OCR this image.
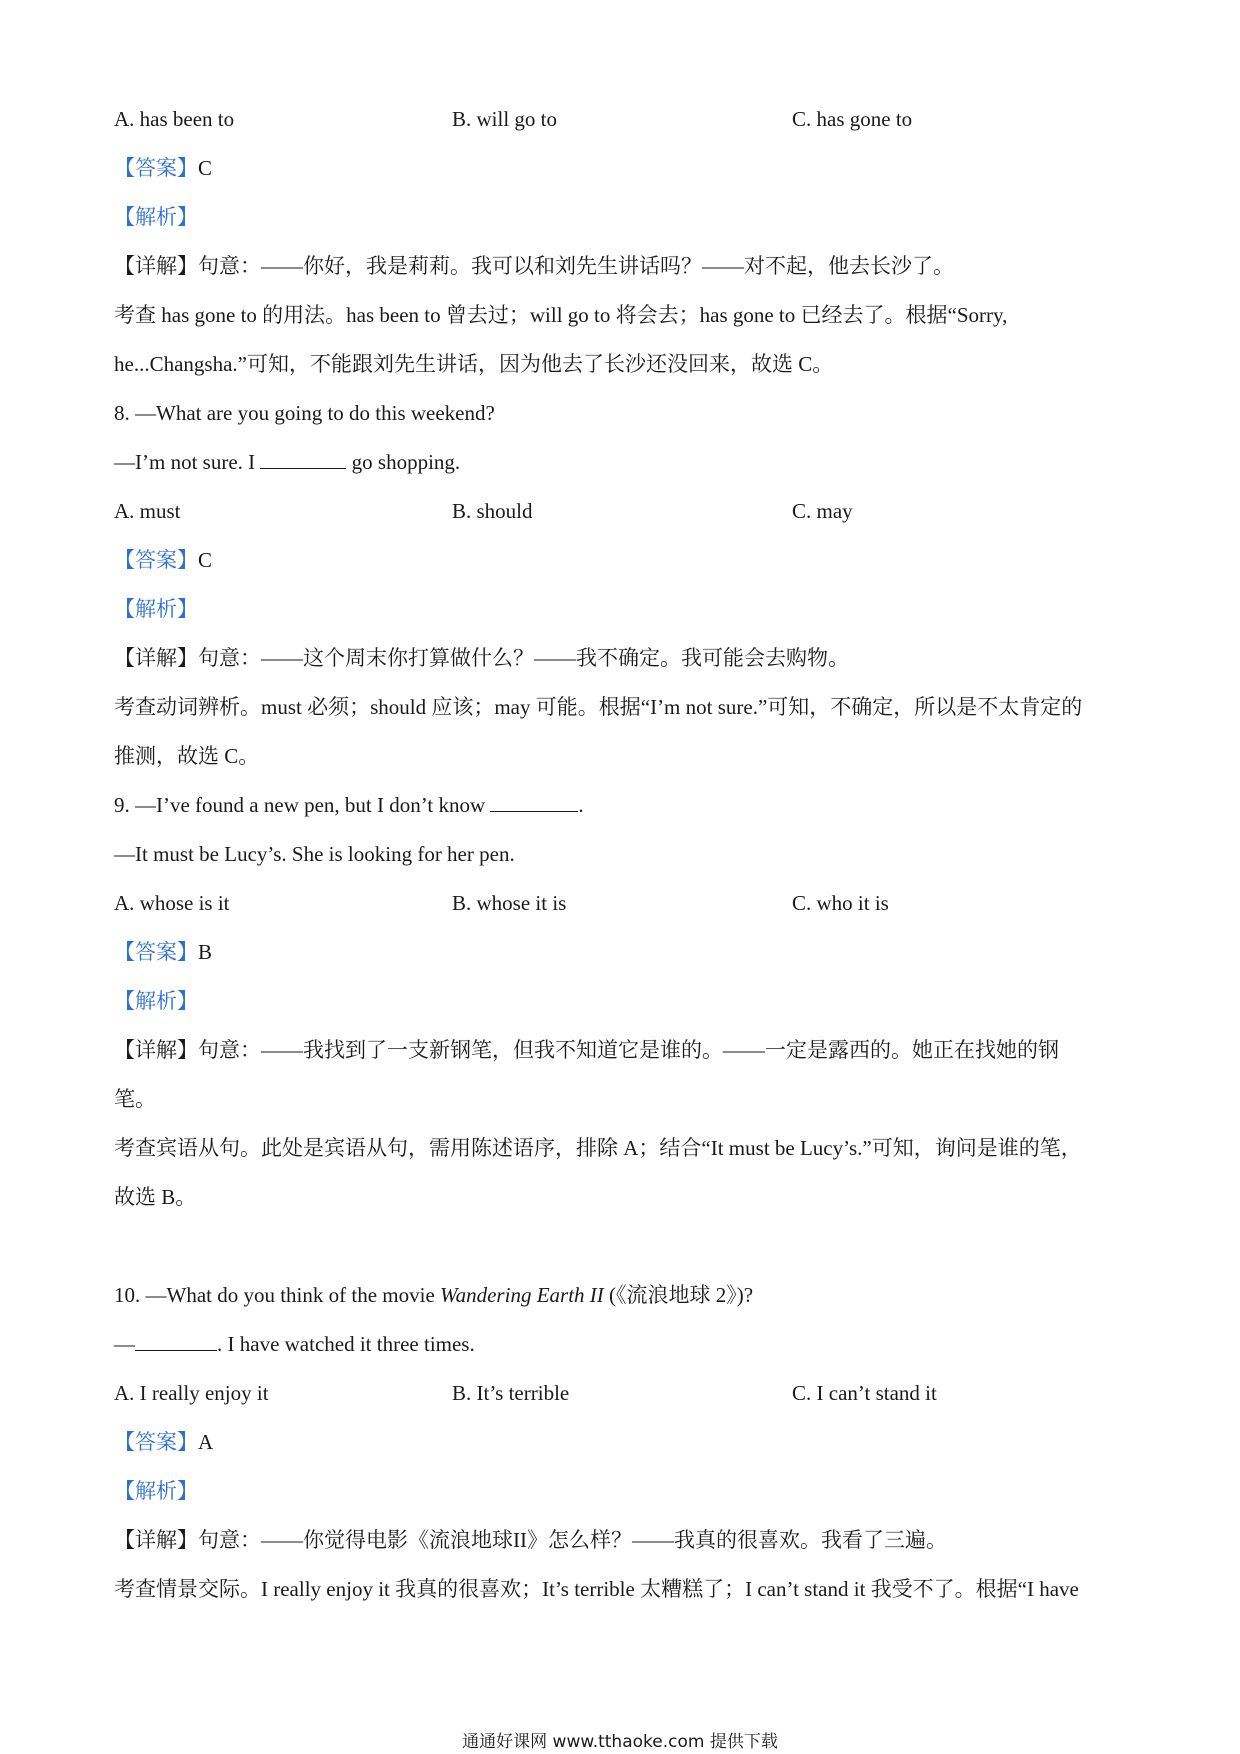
A. has been to	B. will go to	C. has gone to
【答案】C
【解析】
【详解】句意：——你好，我是莉莉。我可以和刘先生讲话吗？——对不起，他去长沙了。
考查 has gone to 的用法。has been to 曾去过；will go to 将会去；has gone to 已经去了。根据“Sorry,
he...Changsha.”可知，不能跟刘先生讲话，因为他去了长沙还没回来，故选 C。
8. —What are you going to do this weekend?
—I’m not sure. I	go shopping.
A. must	B. should	C. may
【答案】C
【解析】
【详解】句意：——这个周末你打算做什么？——我不确定。我可能会去购物。
考查动词辨析。must 必须；should 应该；may 可能。根据“I’m not sure.”可知，不确定，所以是不太肯定的
推测，故选 C。
9. —I’ve found a new pen, but I don’t know	.
—It must be Lucy’s. She is looking for her pen.
A. whose is it	B. whose it is	C. who it is
【答案】B
【解析】
【详解】句意：——我找到了一支新钢笔，但我不知道它是谁的。——一定是露西的。她正在找她的钢
笔。
考查宾语从句。此处是宾语从句，需用陈述语序，排除 A；结合“It must be Lucy’s.”可知，询问是谁的笔，
故选 B。
10. —What do you think of the movie Wandering Earth II (《流浪地球 2》)?
—	. I have watched it three times.
A. I really enjoy it	B. It’s terrible	C. I can’t stand it
【答案】A
【解析】
【详解】句意：——你觉得电影《流浪地球II》怎么样？——我真的很喜欢。我看了三遍。
考查情景交际。I really enjoy it 我真的很喜欢；It’s terrible 太糟糕了；I can’t stand it 我受不了。根据“I have
通通好课网 www.tthaoke.com 提供下载
